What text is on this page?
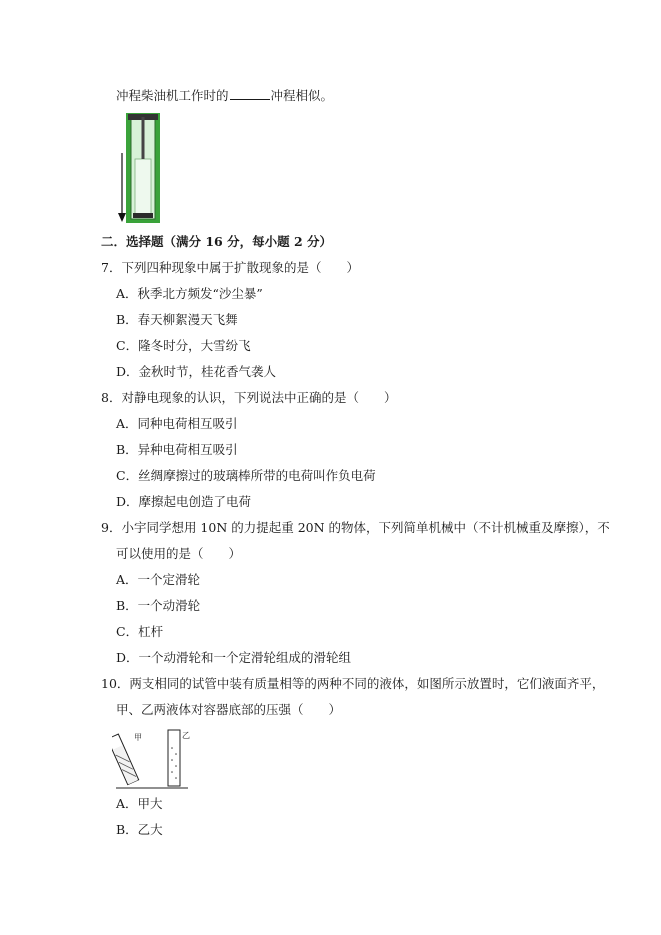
冲程柴油机工作时的	冲程相似。
二．选择题（满分 16 分，每小题 2 分）
7．下列四种现象中属于扩散现象的是（　　）
A．秋季北方频发“沙尘暴”
B．春天柳絮漫天飞舞
C．隆冬时分，大雪纷飞
D．金秋时节，桂花香气袭人
8．对静电现象的认识，下列说法中正确的是（　　）
A．同种电荷相互吸引
B．异种电荷相互吸引
C．丝绸摩擦过的玻璃棒所带的电荷叫作负电荷
D．摩擦起电创造了电荷
9．小宇同学想用 10N 的力提起重 20N 的物体，下列简单机械中（不计机械重及摩擦），不
可以使用的是（　　）
A．一个定滑轮
B．一个动滑轮
C．杠杆
D．一个动滑轮和一个定滑轮组成的滑轮组
10．两支相同的试管中装有质量相等的两种不同的液体，如图所示放置时，它们液面齐平，
甲、乙两液体对容器底部的压强（　　）
甲	乙
A．甲大
B．乙大
